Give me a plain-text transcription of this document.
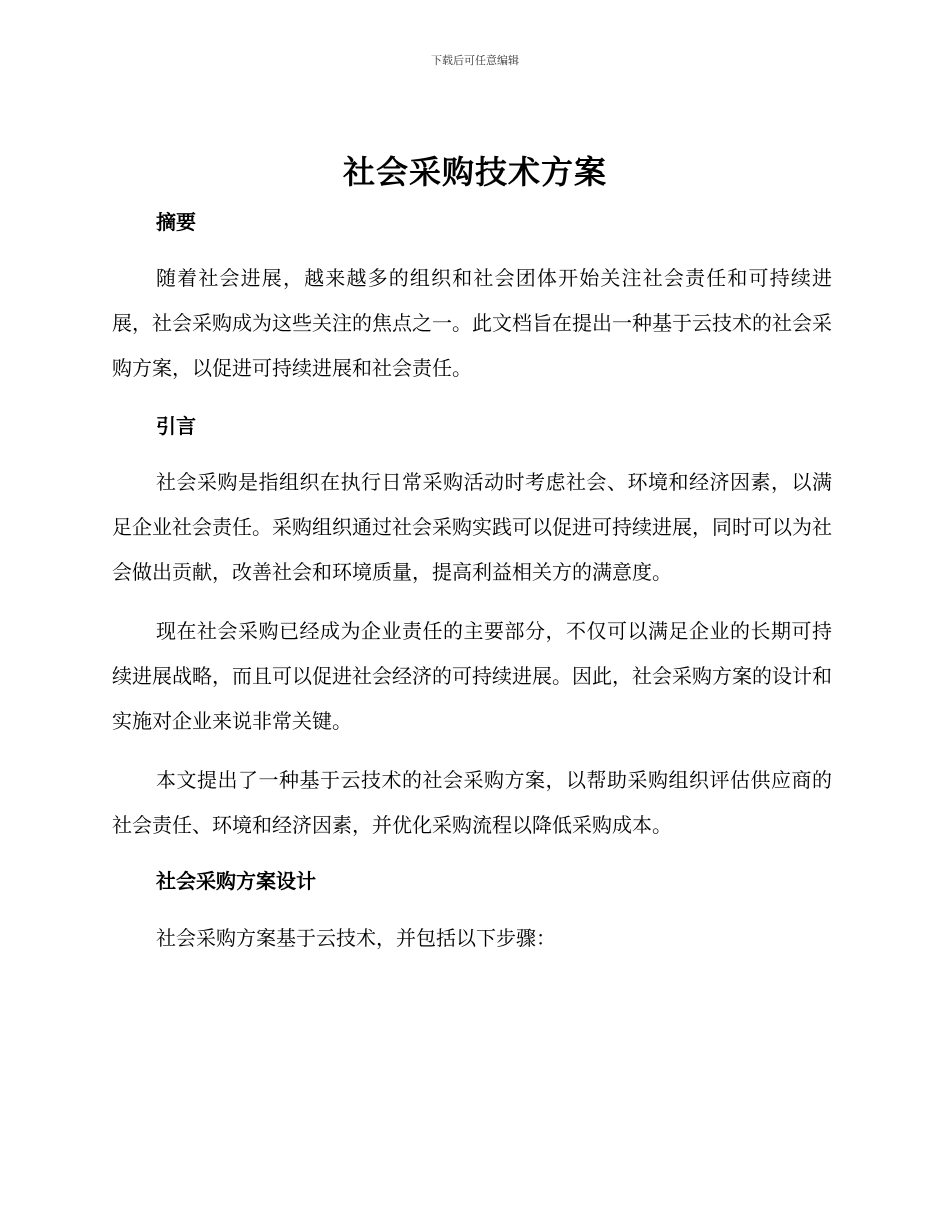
下载后可任意编辑
社会采购技术方案
摘要
随着社会进展，越来越多的组织和社会团体开始关注社会责任和可持续进展，社会采购成为这些关注的焦点之一。此文档旨在提出一种基于云技术的社会采购方案，以促进可持续进展和社会责任。
引言
社会采购是指组织在执行日常采购活动时考虑社会、环境和经济因素，以满足企业社会责任。采购组织通过社会采购实践可以促进可持续进展，同时可以为社会做出贡献，改善社会和环境质量，提高利益相关方的满意度。
现在社会采购已经成为企业责任的主要部分，不仅可以满足企业的长期可持续进展战略，而且可以促进社会经济的可持续进展。因此，社会采购方案的设计和实施对企业来说非常关键。
本文提出了一种基于云技术的社会采购方案，以帮助采购组织评估供应商的社会责任、环境和经济因素，并优化采购流程以降低采购成本。
社会采购方案设计
社会采购方案基于云技术，并包括以下步骤：
